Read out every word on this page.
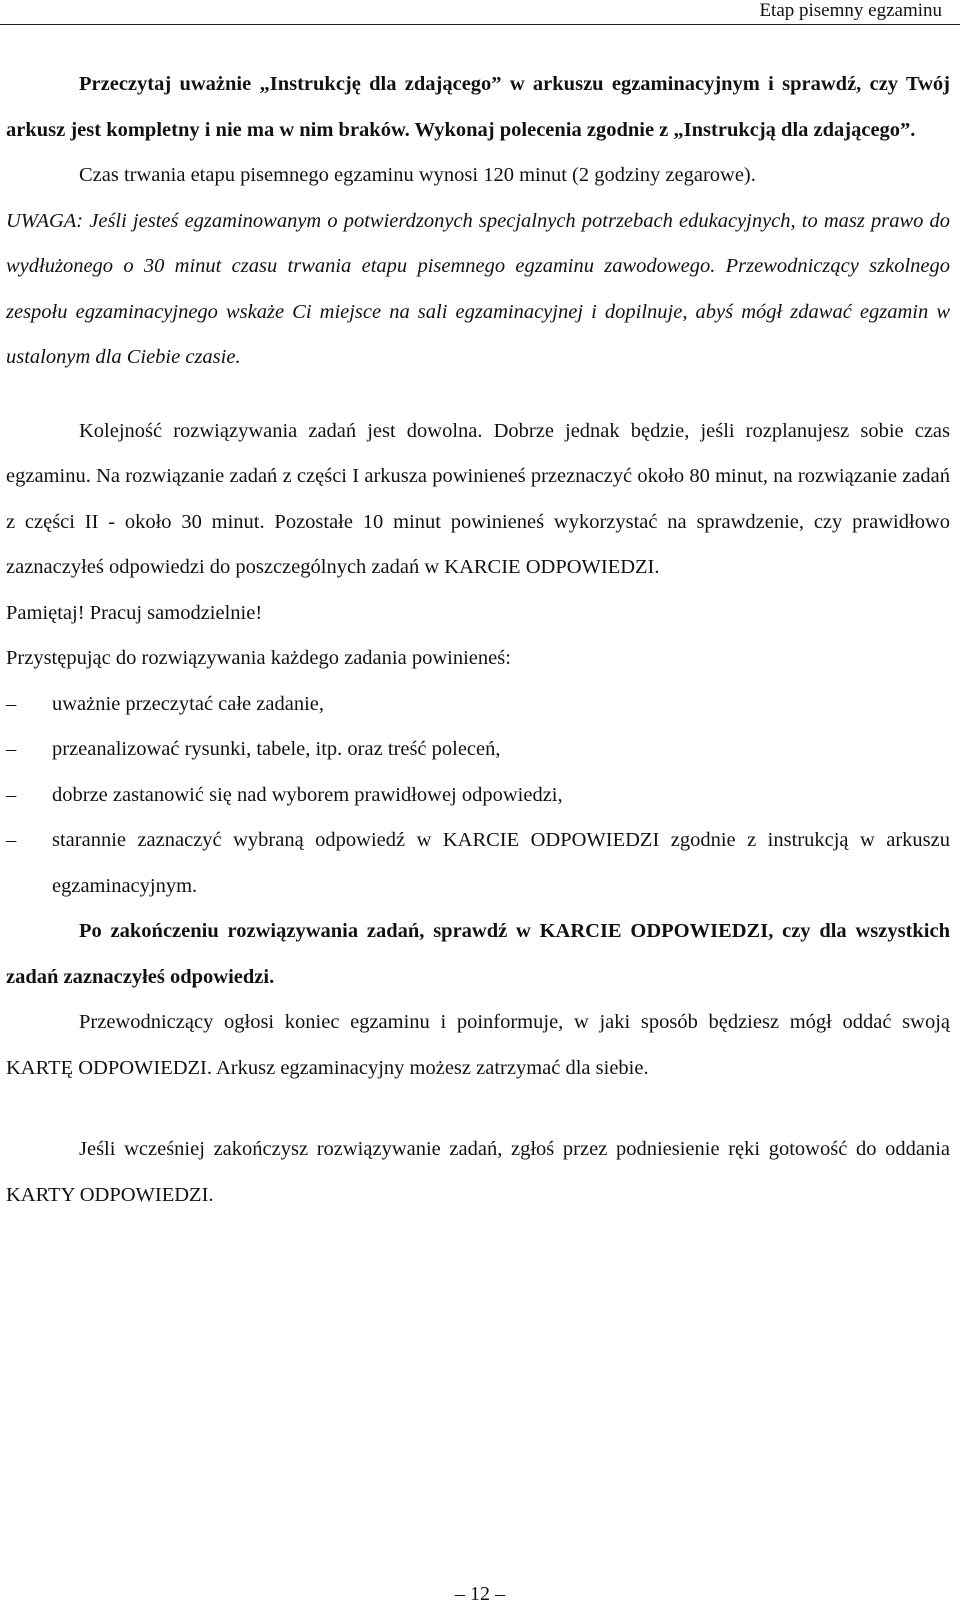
Etap pisemny egzaminu

Przeczytaj uważnie „Instrukcję dla zdającego” w arkuszu egzaminacyjnym i sprawdź, czy Twój arkusz jest kompletny i nie ma w nim braków. Wykonaj polecenia zgodnie z „Instrukcją dla zdającego”.

Czas trwania etapu pisemnego egzaminu wynosi 120 minut (2 godziny zegarowe).

UWAGA: Jeśli jesteś egzaminowanym o potwierdzonych specjalnych potrzebach edukacyjnych, to masz prawo do wydłużonego o 30 minut czasu trwania etapu pisemnego egzaminu zawodowego. Przewodniczący szkolnego zespołu egzaminacyjnego wskaże Ci miejsce na sali egzaminacyjnej i dopilnuje, abyś mógł zdawać egzamin w ustalonym dla Ciebie czasie.

Kolejność rozwiązywania zadań jest dowolna. Dobrze jednak będzie, jeśli rozplanujesz sobie czas egzaminu. Na rozwiązanie zadań z części I arkusza powinieneś przeznaczyć około 80 minut, na rozwiązanie zadań z części II - około 30 minut. Pozostałe 10 minut powinieneś wykorzystać na sprawdzenie, czy prawidłowo zaznaczyłeś odpowiedzi do poszczególnych zadań w KARCIE ODPOWIEDZI.

Pamiętaj! Pracuj samodzielnie!

Przystępując do rozwiązywania każdego zadania powinieneś:

–	uważnie przeczytać całe zadanie,
–	przeanalizować rysunki, tabele, itp. oraz treść poleceń,
–	dobrze zastanowić się nad wyborem prawidłowej odpowiedzi,
–	starannie zaznaczyć wybraną odpowiedź w KARCIE ODPOWIEDZI zgodnie z instrukcją w arkuszu egzaminacyjnym.

Po zakończeniu rozwiązywania zadań, sprawdź w KARCIE ODPOWIEDZI, czy dla wszystkich zadań zaznaczyłeś odpowiedzi.

Przewodniczący ogłosi koniec egzaminu i poinformuje, w jaki sposób będziesz mógł oddać swoją KARTĘ ODPOWIEDZI. Arkusz egzaminacyjny możesz zatrzymać dla siebie.

Jeśli wcześniej zakończysz rozwiązywanie zadań, zgłoś przez podniesienie ręki gotowość do oddania KARTY ODPOWIEDZI.

– 12 –
